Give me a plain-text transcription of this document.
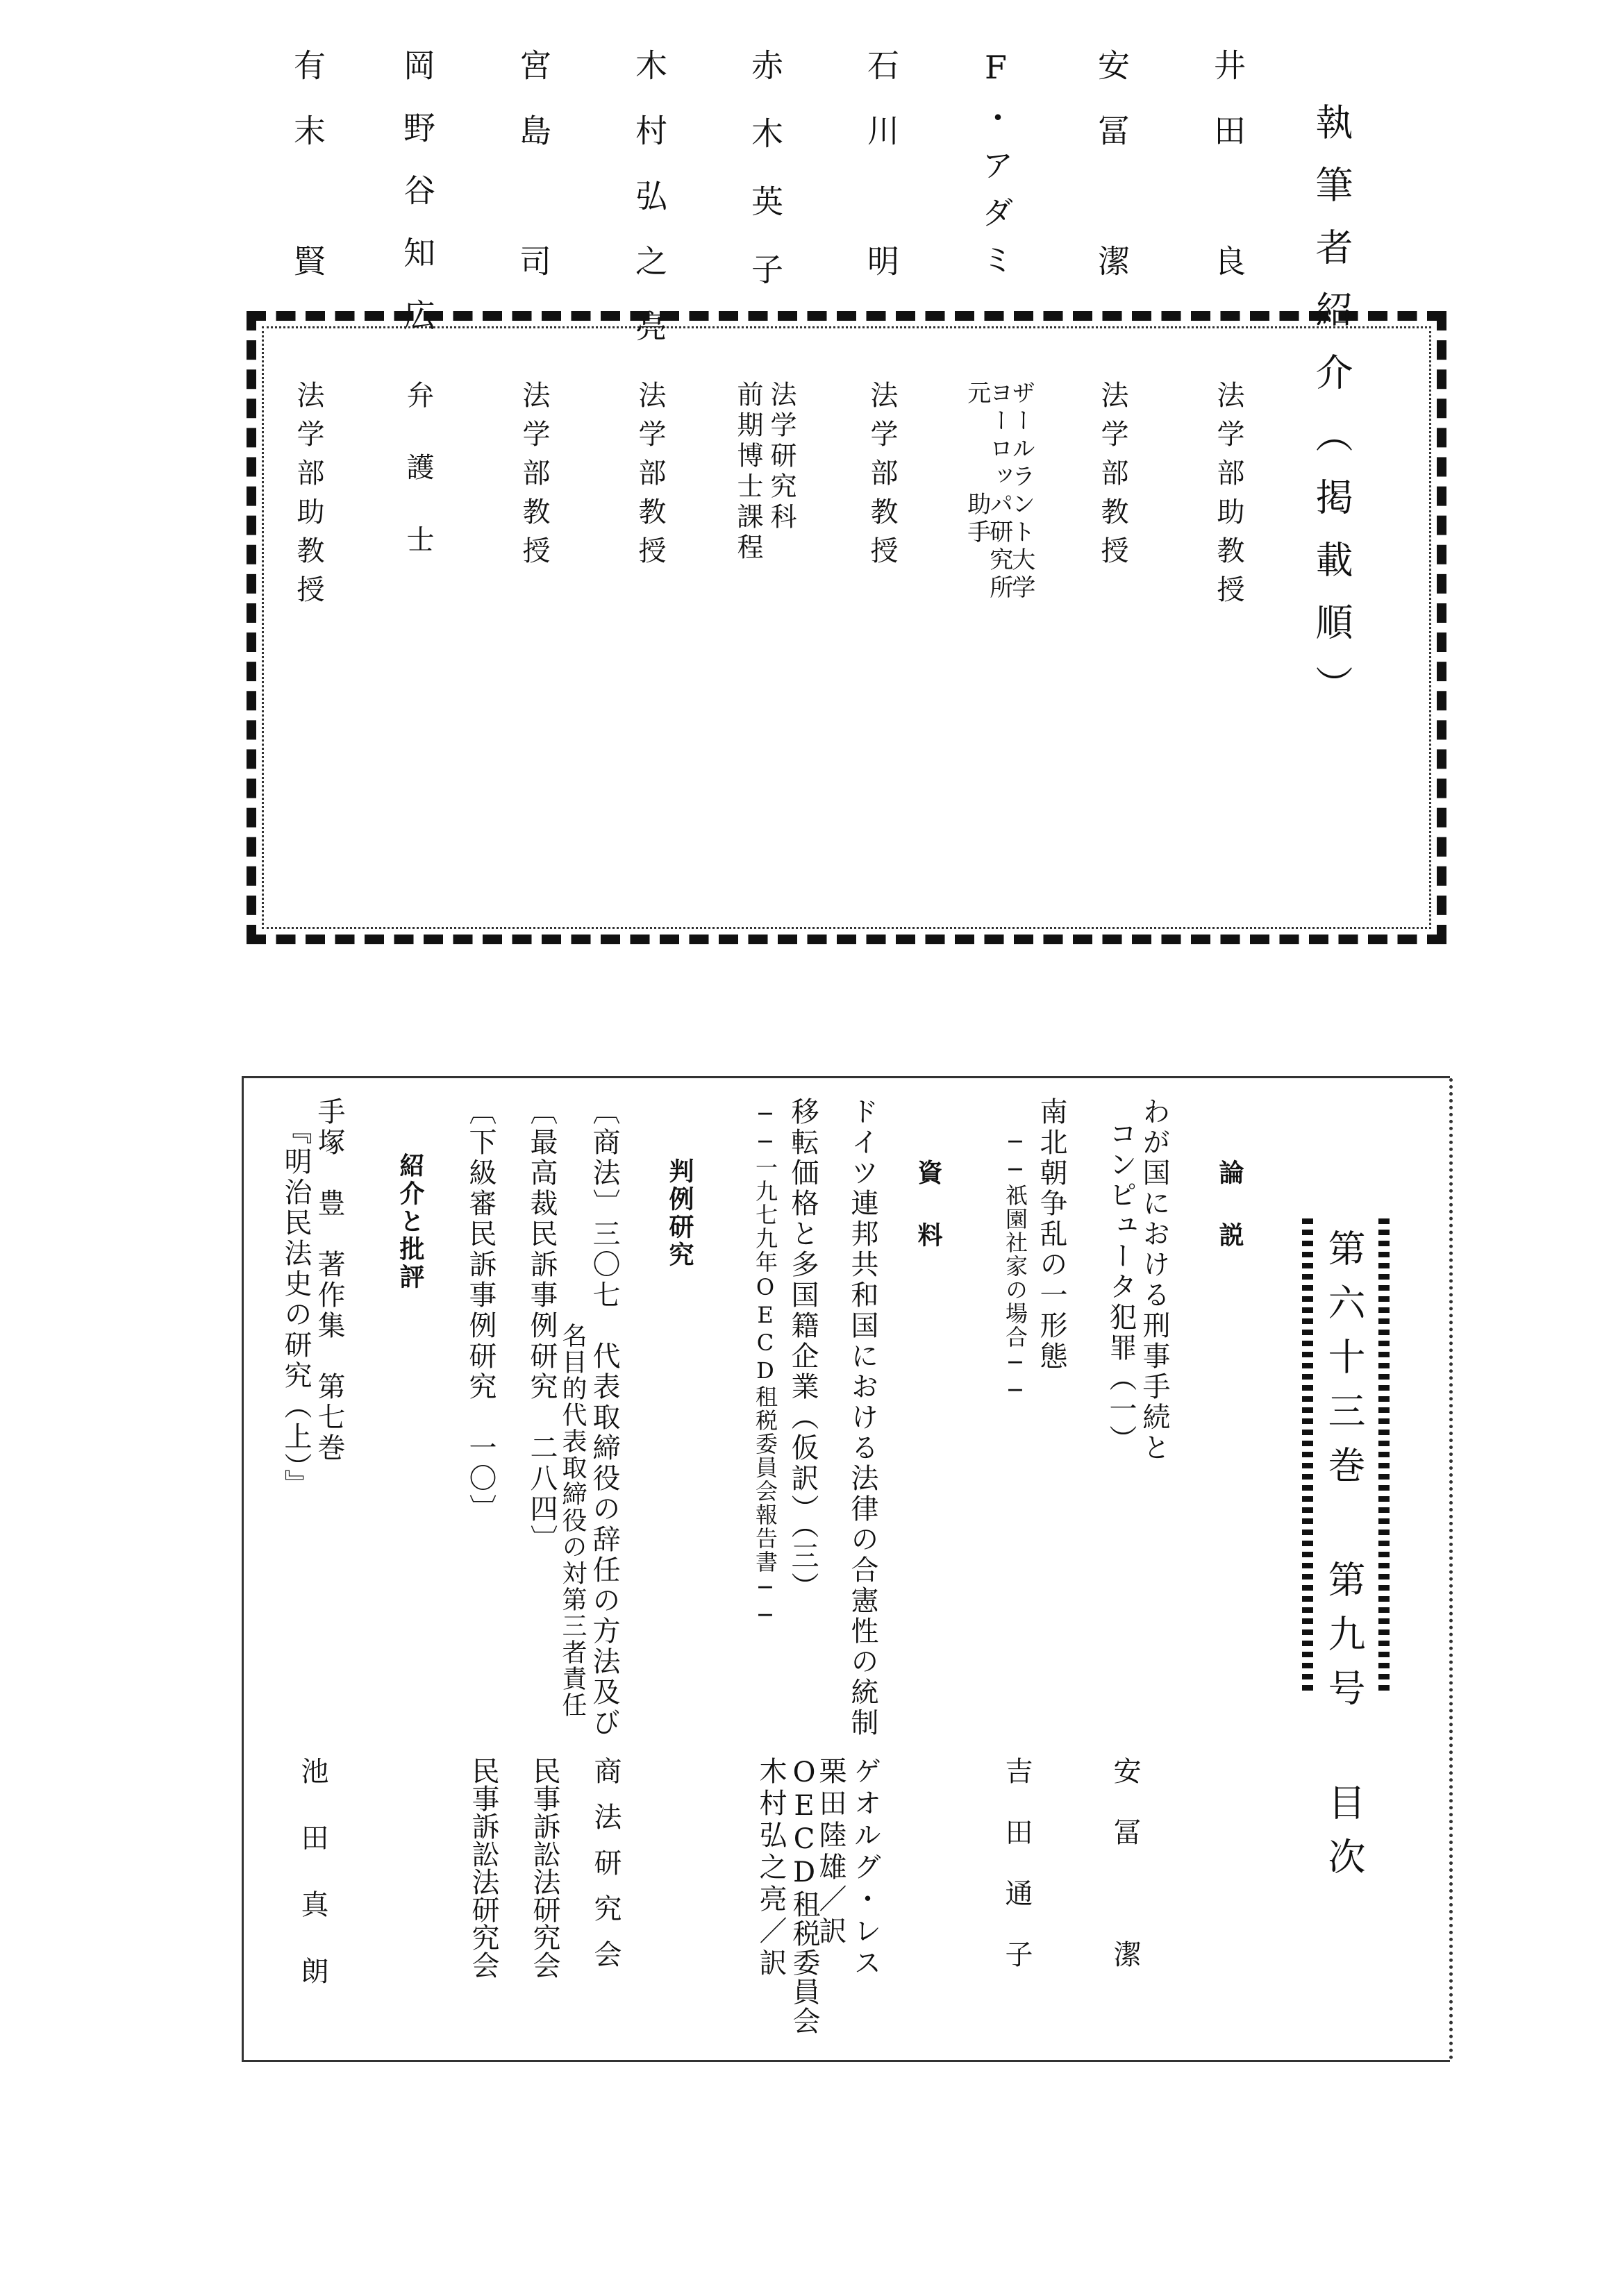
執筆者紹介（掲載順）
井田　良
法学部助教授
安冨　潔
法学部教授
F・アダミ
ザールラント大学
ヨーロッパ研究所
元　　　助手
石川　明
法学部教授
赤木英子
法学研究科
前期博士課程
木村弘之亮
法学部教授
宮島　司
法学部教授
岡野谷知広
弁護士
有末　賢
法学部助教授
第六十三巻 第九号 目次
論説
わが国における刑事手続と
コンピュータ犯罪（一）
安冨　潔
南北朝争乱の一形態
──祇園社家の場合──
吉田通子
資料
ドイツ連邦共和国における法律の合憲性の統制
ゲオルグ・レス
栗田陸雄／訳
移転価格と多国籍企業（仮訳）（三）
──一九七九年OECD租税委員会報告書──
OECD租税委員会
木村弘之亮／訳
判例研究
〔商法〕三〇七　代表取締役の辞任の方法及び
名目的代表取締役の対第三者責任
商法研究会
〔最高裁民訴事例研究　二八四〕
民事訴訟法研究会
〔下級審民訴事例研究　一〇〕
民事訴訟法研究会
紹介と批評
手塚　豊　著作集　第七巻
『明治民法史の研究（上）』
池田真朗
